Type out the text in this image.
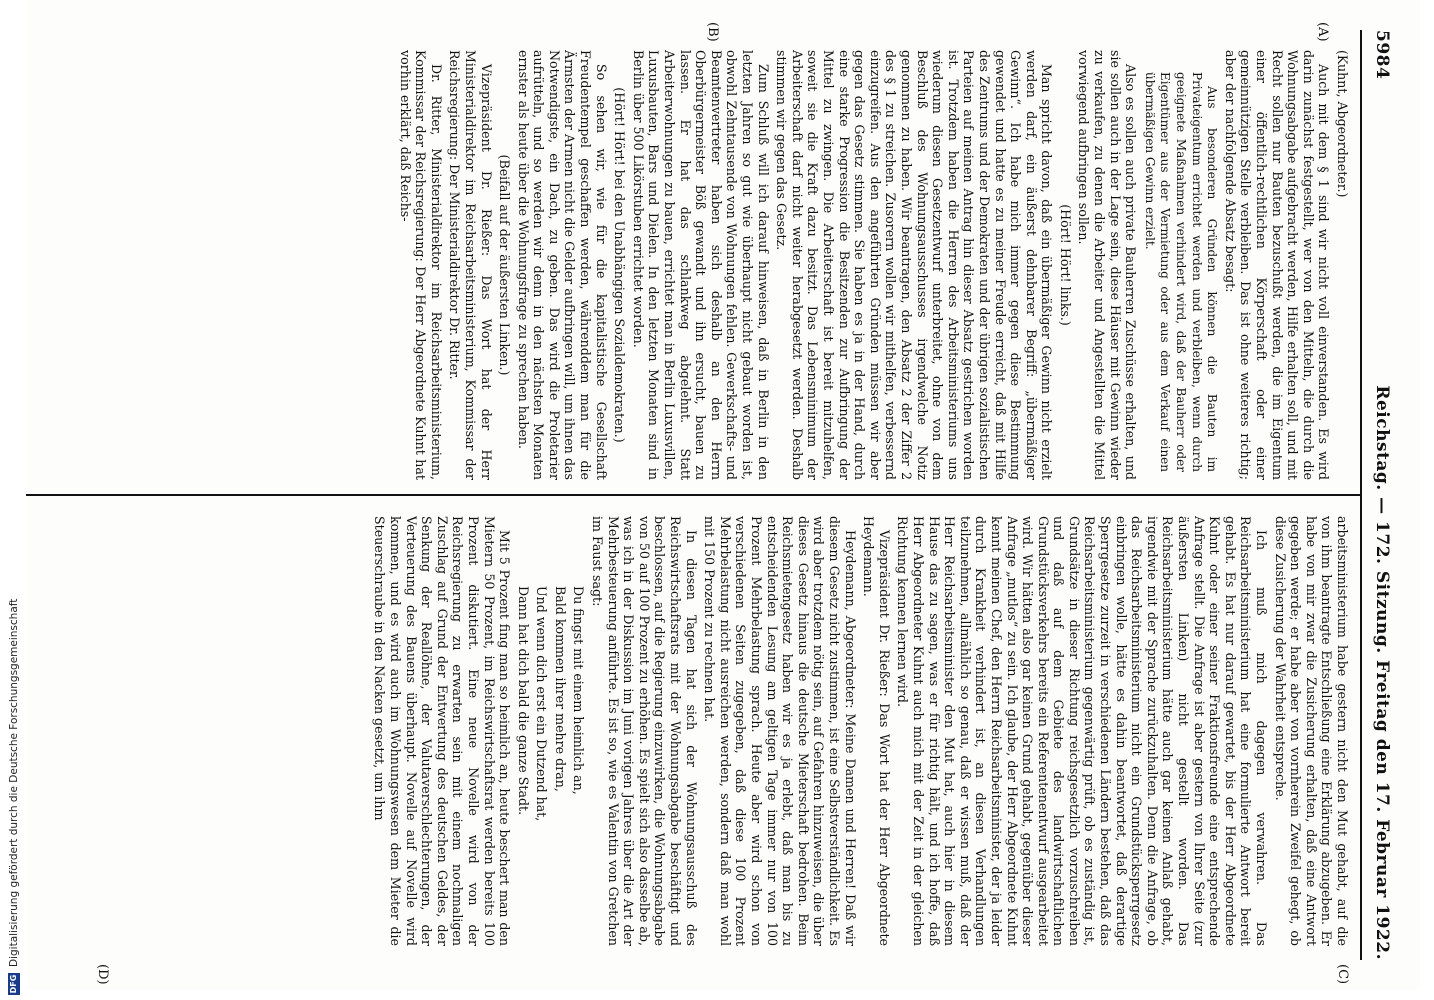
5984
Reichstag. — 172. Sitzung. Freitag den 17. Februar 1922.
(A)
(B)
(C)
(D)

(Kuhnt, Abgeordneter.)

Auch mit dem § 1 sind wir nicht voll einverstanden. Es wird darin zunächst festgestellt, wer von den Mitteln, die durch die Wohnungsabgabe aufgebracht werden, Hilfe erhalten soll, und mit Recht sollen nur Bauten bezuschußt werden, die im Eigentum einer öffentlich-rechtlichen Körperschaft oder einer gemeinnützigen Stelle verbleiben. Das ist ohne weiteres richtig; aber der nachfolgende Absatz besagt:

Aus besonderen Gründen können die Bauten im Privateigentum errichtet werden und verbleiben, wenn durch geeignete Maßnahmen verhindert wird, daß der Bauherr oder Eigentümer aus der Vermietung oder aus dem Verkauf einen übermäßigen Gewinn erzielt.

Also es sollen auch private Bauherren Zuschüsse erhalten, und sie sollen auch in der Lage sein, diese Häuser mit Gewinn wieder zu verkaufen, zu denen die Arbeiter und Angestellten die Mittel vorwiegend aufbringen sollen.

(Hört! Hört! links.)

Man spricht davon, daß ein übermäßiger Gewinn nicht erzielt werden darf, ein äußerst dehnbarer Begriff: „übermäßiger Gewinn“. Ich habe mich immer gegen diese Bestimmung gewendet und hatte es zu meiner Freude erreicht, daß mit Hilfe des Zentrums und der Demokraten und der übrigen sozialistischen Parteien auf meinen Antrag hin dieser Absatz gestrichen worden ist. Trotzdem haben die Herren des Arbeitsministeriums uns wiederum diesen Gesetzentwurf unterbreitet, ohne von dem Beschluß des Wohnungsausschusses irgendwelche Notiz genommen zu haben. Wir beantragen, den Absatz 2 der Ziffer 2 des § 1 zu streichen. Zusorern wollen wir mithelfen, verbessernd einzugreifen. Aus den angeführten Gründen müssen wir aber gegen das Gesetz stimmen. Sie haben es ja in der Hand, durch eine starke Progression die Besitzenden zur Aufbringung der Mittel zu zwingen. Die Arbeiterschaft ist bereit mitzuhelfen, soweit sie die Kraft dazu besitzt. Das Lebensminimum der Arbeiterschaft darf nicht weiter herabgesetzt werden. Deshalb stimmen wir gegen das Gesetz.

Zum Schluß will ich darauf hinweisen, daß in Berlin in den letzten Jahren so gut wie überhaupt nicht gebaut worden ist, obwohl Zehntausende von Wohnungen fehlen. Gewerkschafts- und Beamtenvertreter haben sich deshalb an den Herrn Oberbürgermeister Böß gewandt und ihn ersucht, bauen zu lassen. Er hat das schlankweg abgelehnt. Statt Arbeiterwohnungen zu bauen, errichtet man in Berlin Luxusvillen, Luxusbauten, Bars und Dielen. In den letzten Monaten sind in Berlin über 500 Likörstuben errichtet worden.

(Hört! Hört! bei den Unabhängigen Sozialdemokraten.)

So sehen wir, wie für die kapitalistische Gesellschaft Freudentempel geschaffen werden, währenddem man für die Ärmsten der Armen nicht die Gelder aufbringen will, um ihnen das Notwendigste, ein Dach, zu geben. Das wird die Proletarier aufrütteln, und so werden wir denn in den nächsten Monaten ernster als heute über die Wohnungsfrage zu sprechen haben.

(Beifall auf der äußersten Linken.)

Vizepräsident Dr. Rießer: Das Wort hat der Herr Ministerialdirektor im Reichsarbeitsministerium, Kommissar der Reichsregierung: Der Ministerialdirektor Dr. Ritter.

Dr. Ritter, Ministerialdirektor im Reichsarbeitsministerium, Kommissar der Reichsregierung: Der Herr Abgeordnete Kuhnt hat vorhin erklärt, daß Reichs-

arbeitsministerium habe gestern nicht den Mut gehabt, auf die von ihm beantragte Entschließung eine Erklärung abzugeben. Er habe von mir zwar die Zusicherung erhalten, daß eine Antwort gegeben werde; er habe aber von vornherein Zweifel gehegt, ob diese Zusicherung der Wahrheit entspreche.

Ich muß mich dagegen verwahren. Das Reichsarbeitsministerium hat eine formulierte Antwort bereit gehabt. Es hat nur darauf gewartet, bis der Herr Abgeordnete Kuhnt oder einer seiner Fraktionsfreunde eine entsprechende Anfrage stellt. Die Anfrage ist aber gestern von Ihrer Seite (zur äußersten Linken) nicht gestellt worden. Das Reichsarbeitsministerium hätte auch gar keinen Anlaß gehabt, irgendwie mit der Sprache zurückzuhalten. Denn die Anfrage, ob das Reichsarbeitsministerium nicht ein Grundstücksperrgesetz einbringen wolle, hätte es dahin beantwortet, daß derartige Sperrgesetze zurzeit in verschiedenen Ländern bestehen, daß das Reichsarbeitsministerium gegenwärtig prüft, ob es zuständig ist, Grundsätze in dieser Richtung reichsgesetzlich vorzuschreiben und daß auf dem Gebiete des landwirtschaftlichen Grundstücksverkehrs bereits ein Referentenentwurf ausgearbeitet wird. Wir hätten also gar keinen Grund gehabt, gegenüber dieser Anfrage „mutlos“ zu sein. Ich glaube, der Herr Abgeordnete Kuhnt kennt meinen Chef, den Herrn Reichsarbeitsminister, der ja leider durch Krankheit verhindert ist, an diesen Verhandlungen teilzunehmen, allmählich so genau, daß er wissen muß, daß der Herr Reichsarbeitsminister den Mut hat, auch hier in diesem Hause das zu sagen, was er für richtig hält, und ich hoffe, daß Herr Abgeordneter Kuhnt auch mich mit der Zeit in der gleichen Richtung kennen lernen wird.

Vizepräsident Dr. Rießer: Das Wort hat der Herr Abgeordnete Heydemann.

Heydemann, Abgeordneter: Meine Damen und Herren! Daß wir diesem Gesetz nicht zustimmen, ist eine Selbstverständlichkeit. Es wird aber trotzdem nötig sein, auf Gefahren hinzuweisen, die über dieses Gesetz hinaus die deutsche Mieterschaft bedrohen. Beim Reichsmietengesetz haben wir es ja erlebt, daß man bis zu entscheidenden Lesung am geltigen Tage immer nur von 100 Prozent Mehrbelastung sprach. Heute aber wird schon von verschiedenen Seiten zugegeben, daß diese 100 Prozent Mehrbelastung nicht ausreichen werden, sondern daß man wohl mit 150 Prozent zu rechnen hat.

In diesen Tagen hat sich der Wohnungsausschuß des Reichswirtschaftsrats mit der Wohnungsabgabe beschäftigt und beschlossen, auf die Regierung einzuwirken, die Wohnungsabgabe von 50 auf 100 Prozent zu erhöhen. Es spielt sich also dasselbe ab, was ich in der Diskussion im Juni vorigen Jahres über die Art der Mehrbesteuerung anführte. Es ist so, wie es Valentin von Gretchen im Faust sagt:

Du fingst mit einem heimlich an,

Bald kommen ihrer mehre dran,

Und wenn dich erst ein Dutzend hat,

Dann hat dich bald die ganze Stadt.

Mit 5 Prozent fing man so heimlich an, heute beschert man den Mietern 50 Prozent, im Reichswirtschaftsrat werden bereits 100 Prozent diskutiert. Eine neue Novelle wird von der Reichsregierung zu erwarten sein mit einem nochmaligen Zuschlag auf Grund der Entwertung des deutschen Geldes, der Senkung der Reallöhne, der Valutaverschlechterungen, der Verteuerung des Bauens überhaupt. Novelle auf Novelle wird kommen, und es wird auch im Wohnungswesen dem Mieter die Steuerschraube in den Nacken gesetzt, um ihm

DFG
Digitalisierung gefördert durch die Deutsche Forschungsgemeinschaft
